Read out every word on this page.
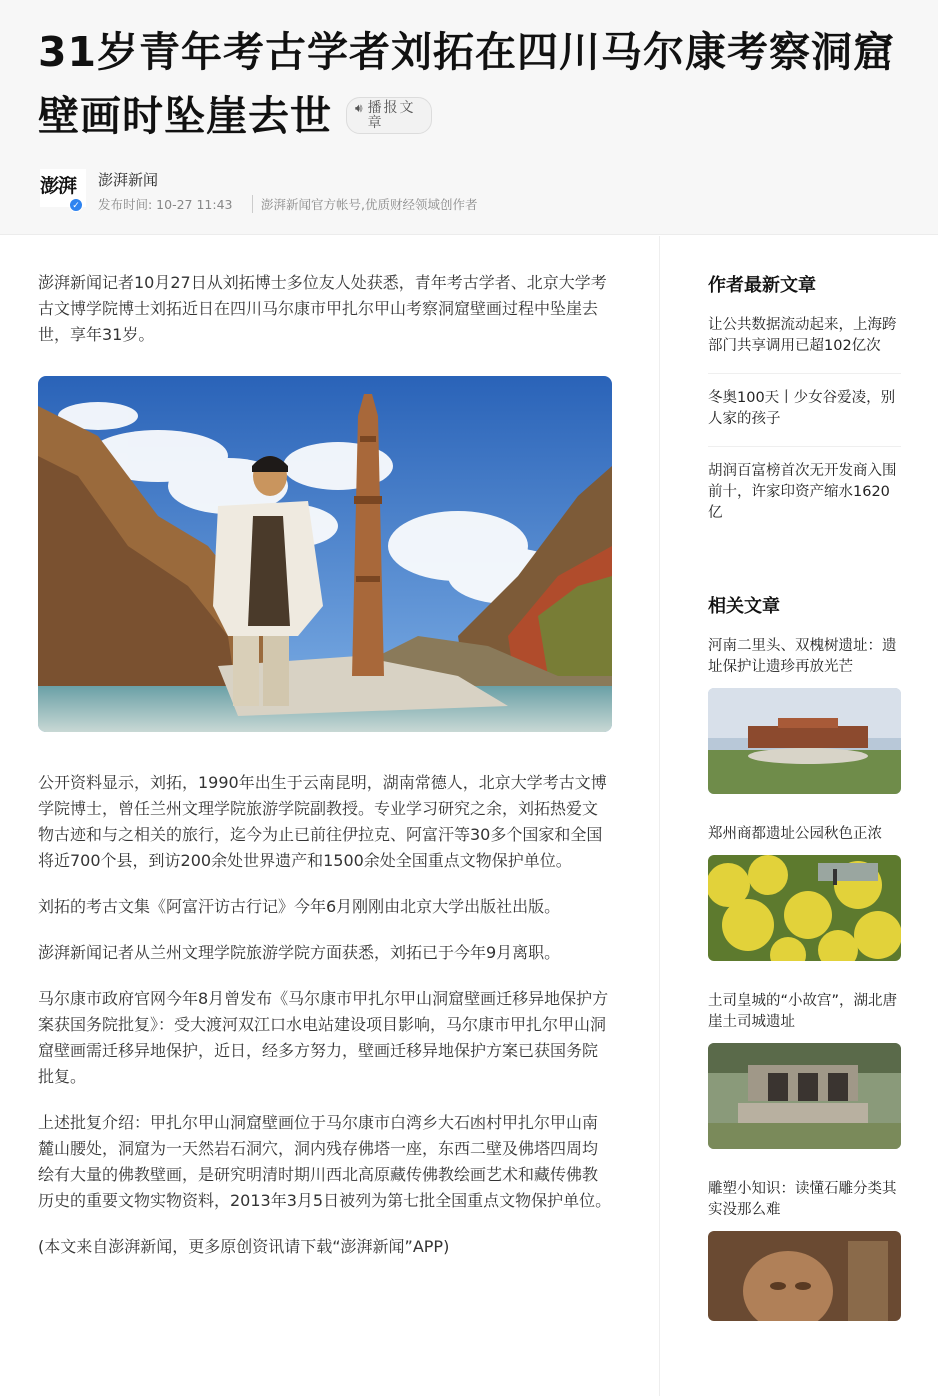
31岁青年考古学者刘拓在四川马尔康考察洞窟壁画时坠崖去世 🔊︎ 播报文章
澎湃
✓
澎湃新闻
发布时间: 10-27 11:43	澎湃新闻官方帐号,优质财经领域创作者

澎湃新闻记者10月27日从刘拓博士多位友人处获悉，青年考古学者、北京大学考古文博学院博士刘拓近日在四川马尔康市甲扎尔甲山考察洞窟壁画过程中坠崖去世，享年31岁。

公开资料显示，刘拓，1990年出生于云南昆明，湖南常德人，北京大学考古文博学院博士，曾任兰州文理学院旅游学院副教授。专业学习研究之余，刘拓热爱文物古迹和与之相关的旅行，迄今为止已前往伊拉克、阿富汗等30多个国家和全国将近700个县，到访200余处世界遗产和1500余处全国重点文物保护单位。

刘拓的考古文集《阿富汗访古行记》今年6月刚刚由北京大学出版社出版。

澎湃新闻记者从兰州文理学院旅游学院方面获悉，刘拓已于今年9月离职。

马尔康市政府官网今年8月曾发布《马尔康市甲扎尔甲山洞窟壁画迁移异地保护方案获国务院批复》：受大渡河双江口水电站建设项目影响，马尔康市甲扎尔甲山洞窟壁画需迁移异地保护，近日，经多方努力，壁画迁移异地保护方案已获国务院批复。

上述批复介绍：甲扎尔甲山洞窟壁画位于马尔康市白湾乡大石凼村甲扎尔甲山南麓山腰处，洞窟为一天然岩石洞穴，洞内残存佛塔一座，东西二壁及佛塔四周均绘有大量的佛教壁画，是研究明清时期川西北高原藏传佛教绘画艺术和藏传佛教历史的重要文物实物资料，2013年3月5日被列为第七批全国重点文物保护单位。

(本文来自澎湃新闻，更多原创资讯请下载“澎湃新闻”APP)

作者最新文章
让公共数据流动起来，上海跨部门共享调用已超102亿次
冬奥100天丨少女谷爱凌，别人家的孩子
胡润百富榜首次无开发商入围前十，许家印资产缩水1620亿
相关文章
河南二里头、双槐树遗址：遗址保护让遗珍再放光芒
郑州商都遗址公园秋色正浓
土司皇城的“小故宫”，湖北唐崖土司城遗址
雕塑小知识：读懂石雕分类其实没那么难
